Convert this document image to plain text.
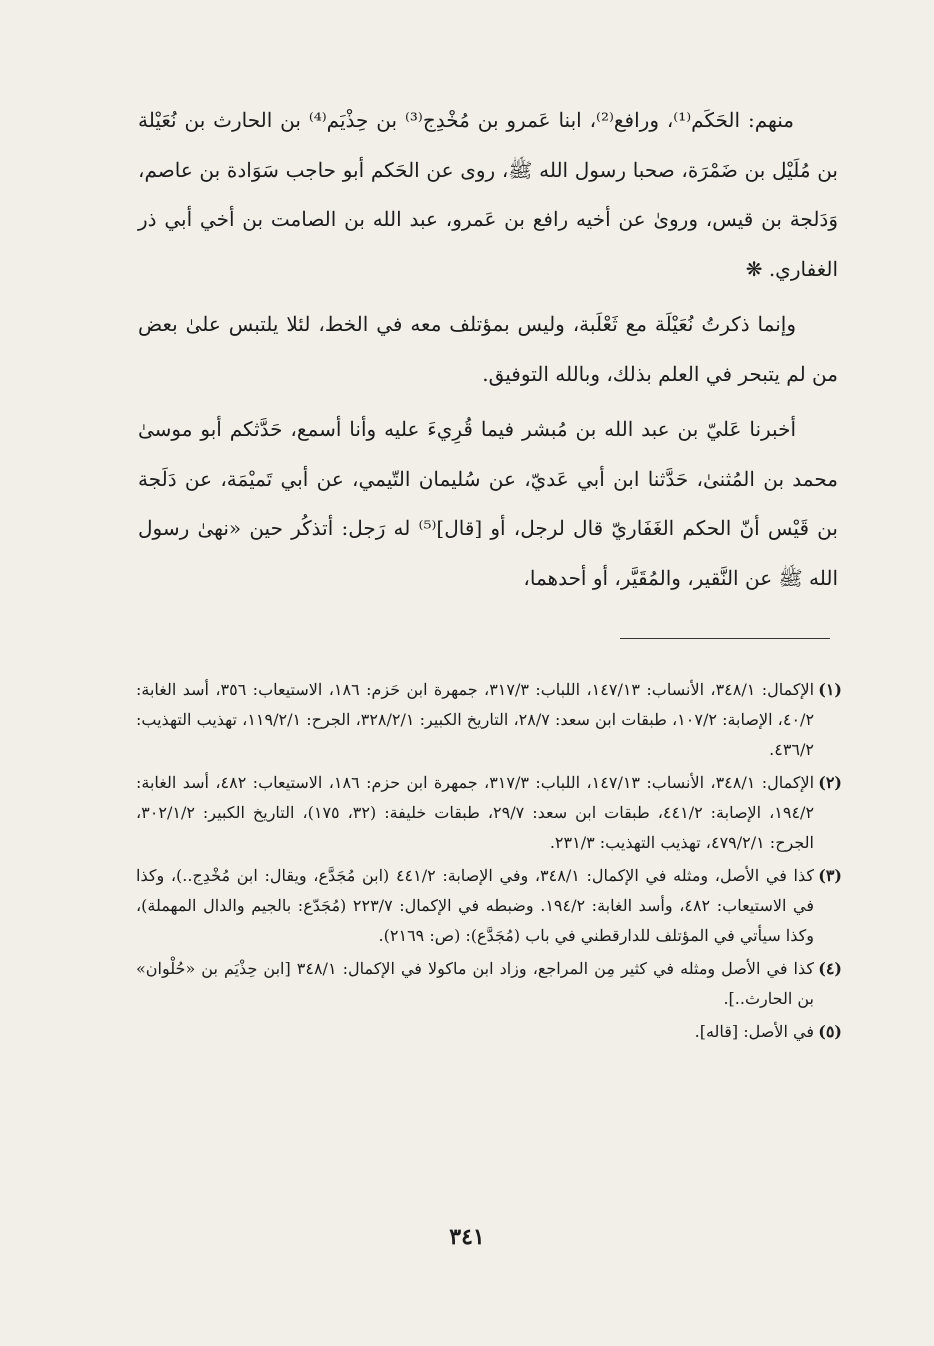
منهم: الحَكَم⁽¹⁾، ورافع⁽²⁾، ابنا عَمرو بن مُخْدِج⁽³⁾ بن حِذْيَم⁽⁴⁾ بن الحارث بن نُعَيْلة بن مُلَيْل بن ضَمْرَة، صحبا رسول الله ﷺ، روى عن الحَكم أبو حاجب سَوَادة بن عاصم، وَدَلجة بن قيس، وروىٰ عن أخيه رافع بن عَمرو، عبد الله بن الصامت بن أخي أبي ذر الغفاري. ❋

وإنما ذكرتُ نُعَيْلَة مع ثَعْلَبة، وليس بمؤتلف معه في الخط، لئلا يلتبس علىٰ بعض من لم يتبحر في العلم بذلك، وبالله التوفيق.

أخبرنا عَليّ بن عبد الله بن مُبشر فيما قُرِيءَ عليه وأنا أسمع، حَدَّثكم أبو موسىٰ محمد بن المُثنىٰ، حَدَّثنا ابن أبي عَديّ، عن سُليمان التّيمي، عن أبي تَميْمَة، عن دَلَجة بن قَيْس أنّ الحكم الغَفَاريّ قال لرجل، أو [قال]⁽⁵⁾ له رَجل: أتذكُر حين «نهىٰ رسول الله ﷺ عن النَّقير، والمُقَيَّر، أو أحدهما،

(١)
الإكمال: ٣٤٨/١، الأنساب: ١٤٧/١٣، اللباب: ٣١٧/٣، جمهرة ابن حَزم: ١٨٦، الاستيعاب: ٣٥٦، أسد الغابة: ٤٠/٢، الإصابة: ١٠٧/٢، طبقات ابن سعد: ٢٨/٧، التاريخ الكبير: ٣٢٨/٢/١، الجرح: ١١٩/٢/١، تهذيب التهذيب: ٤٣٦/٢.
(٢)
الإكمال: ٣٤٨/١، الأنساب: ١٤٧/١٣، اللباب: ٣١٧/٣، جمهرة ابن حزم: ١٨٦، الاستيعاب: ٤٨٢، أسد الغابة: ١٩٤/٢، الإصابة: ٤٤١/٢، طبقات ابن سعد: ٢٩/٧، طبقات خليفة: (٣٢، ١٧٥)، التاريخ الكبير: ٣٠٢/١/٢، الجرح: ٤٧٩/٢/١، تهذيب التهذيب: ٢٣١/٣.
(٣)
كذا في الأصل، ومثله في الإكمال: ٣٤٨/١، وفي الإصابة: ٤٤١/٢ (ابن مُجَدَّع، ويقال: ابن مُخْدِج..)، وكذا في الاستيعاب: ٤٨٢، وأسد الغابة: ١٩٤/٢. وضبطه في الإكمال: ٢٢٣/٧ (مُجَدّع: بالجيم والدال المهملة)، وكذا سيأتي في المؤتلف للدارقطني في باب (مُجَدَّع): (ص: ٢١٦٩).
(٤)
كذا في الأصل ومثله في كثير مِن المراجع، وزاد ابن ماكولا في الإكمال: ٣٤٨/١ [ابن حِذْيَم بن «حُلْوان» بن الحارث..].
(٥)
في الأصل: [قاله].
٣٤١
